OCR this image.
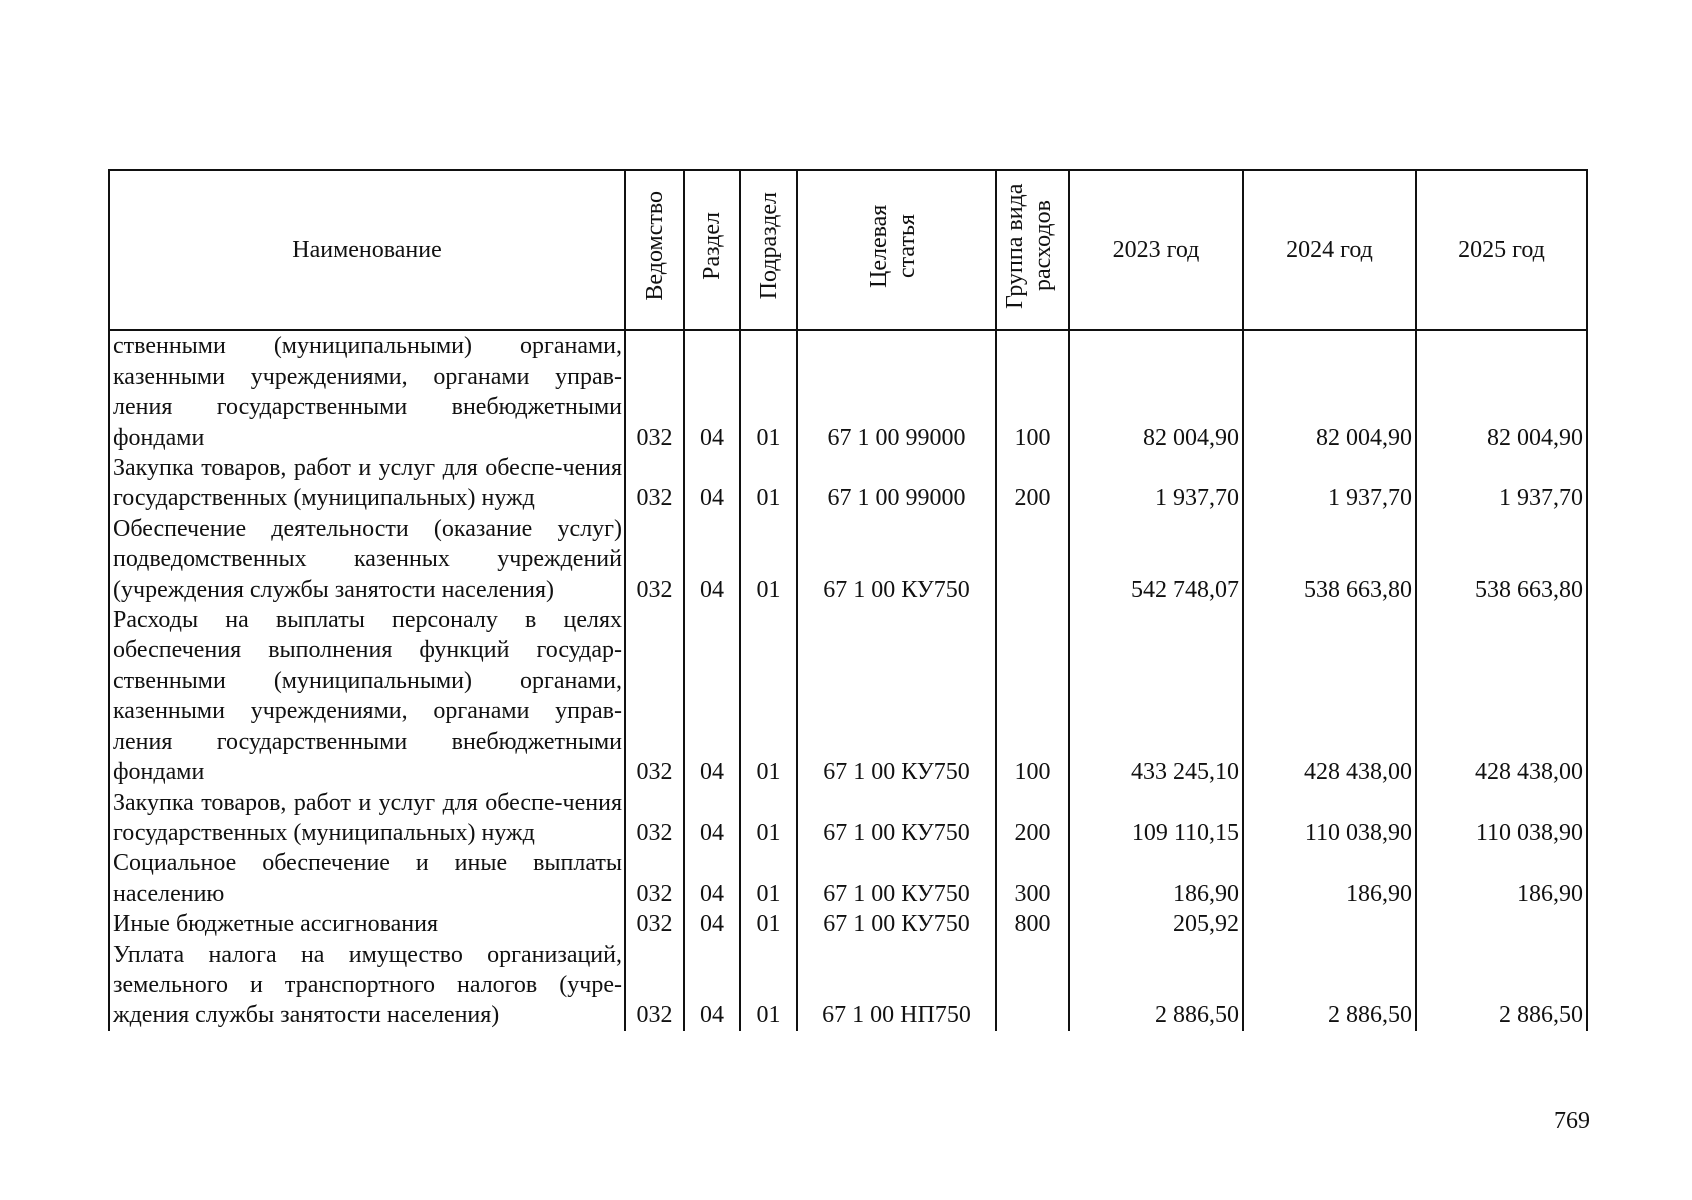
Наименование	Ведомство	Раздел	Подраздел	Целевая статья	Группа вида расходов	2023 год	2024 год	2025 год
ственными (муниципальными) органами, казенными учреждениями, органами управ-ления государственными внебюджетными фондами	032	04	01	67 1 00 99000	100	82 004,90	82 004,90	82 004,90
Закупка товаров, работ и услуг для обеспе-чения государственных (муниципальных) нужд	032	04	01	67 1 00 99000	200	1 937,70	1 937,70	1 937,70
Обеспечение деятельности (оказание услуг) подведомственных казенных учреждений (учреждения службы занятости населения)	032	04	01	67 1 00 КУ750		542 748,07	538 663,80	538 663,80
Расходы на выплаты персоналу в целях обеспечения выполнения функций государ-ственными (муниципальными) органами, казенными учреждениями, органами управ-ления государственными внебюджетными фондами	032	04	01	67 1 00 КУ750	100	433 245,10	428 438,00	428 438,00
Закупка товаров, работ и услуг для обеспе-чения государственных (муниципальных) нужд	032	04	01	67 1 00 КУ750	200	109 110,15	110 038,90	110 038,90
Социальное обеспечение и иные выплаты населению	032	04	01	67 1 00 КУ750	300	186,90	186,90	186,90
Иные бюджетные ассигнования	032	04	01	67 1 00 КУ750	800	205,92		
Уплата налога на имущество организаций, земельного и транспортного налогов (учре-ждения службы занятости населения)	032	04	01	67 1 00 НП750		2 886,50	2 886,50	2 886,50
769
